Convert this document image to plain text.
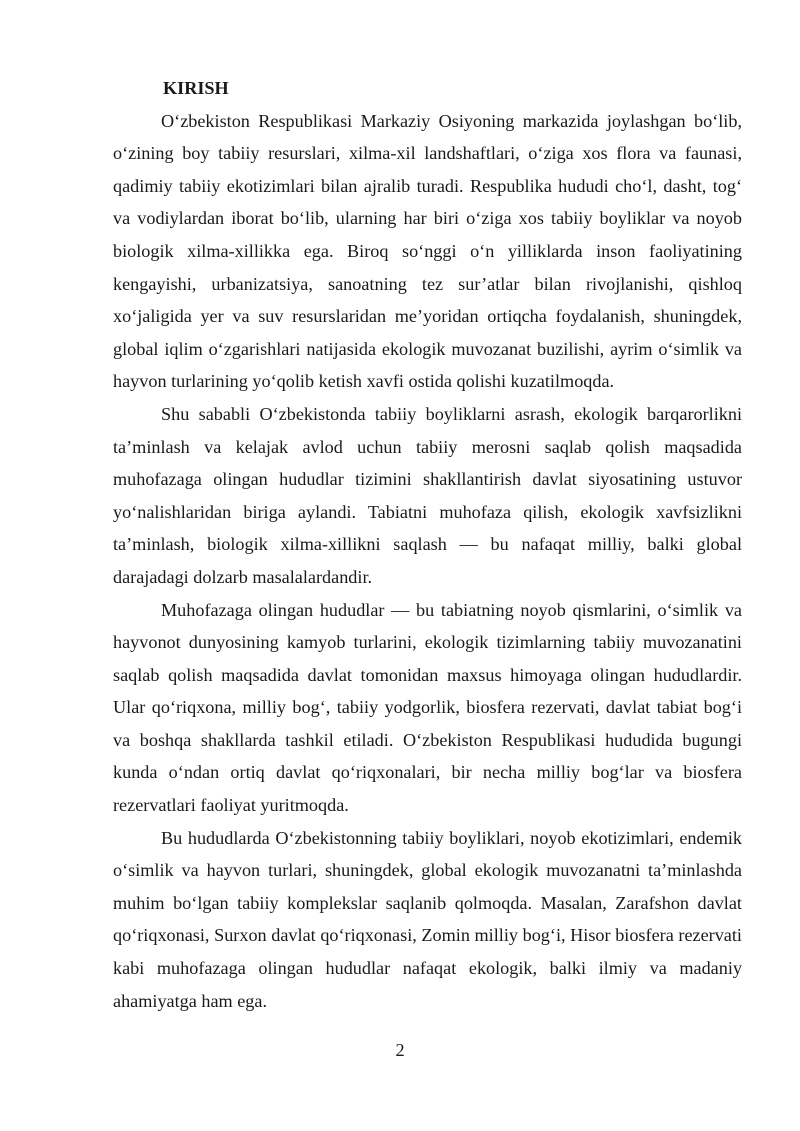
KIRISH

O‘zbekiston Respublikasi Markaziy Osiyoning markazida joylashgan bo‘lib, o‘zining boy tabiiy resurslari, xilma-xil landshaftlari, o‘ziga xos flora va faunasi, qadimiy tabiiy ekotizimlari bilan ajralib turadi. Respublika hududi cho‘l, dasht, tog‘ va vodiylardan iborat bo‘lib, ularning har biri o‘ziga xos tabiiy boyliklar va noyob biologik xilma-xillikka ega. Biroq so‘nggi o‘n yilliklarda inson faoliyatining kengayishi, urbanizatsiya, sanoatning tez sur’atlar bilan rivojlanishi, qishloq xo‘jaligida yer va suv resurslaridan me’yoridan ortiqcha foydalanish, shuningdek, global iqlim o‘zgarishlari natijasida ekologik muvozanat buzilishi, ayrim o‘simlik va hayvon turlarining yo‘qolib ketish xavfi ostida qolishi kuzatilmoqda.

Shu sababli O‘zbekistonda tabiiy boyliklarni asrash, ekologik barqarorlikni ta’minlash va kelajak avlod uchun tabiiy merosni saqlab qolish maqsadida muhofazaga olingan hududlar tizimini shakllantirish davlat siyosatining ustuvor yo‘nalishlaridan biriga aylandi. Tabiatni muhofaza qilish, ekologik xavfsizlikni ta’minlash, biologik xilma-xillikni saqlash — bu nafaqat milliy, balki global darajadagi dolzarb masalalardandir.

Muhofazaga olingan hududlar — bu tabiatning noyob qismlarini, o‘simlik va hayvonot dunyosining kamyob turlarini, ekologik tizimlarning tabiiy muvozanatini saqlab qolish maqsadida davlat tomonidan maxsus himoyaga olingan hududlardir. Ular qo‘riqxona, milliy bog‘, tabiiy yodgorlik, biosfera rezervati, davlat tabiat bog‘i va boshqa shakllarda tashkil etiladi. O‘zbekiston Respublikasi hududida bugungi kunda o‘ndan ortiq davlat qo‘riqxonalari, bir necha milliy bog‘lar va biosfera rezervatlari faoliyat yuritmoqda.

Bu hududlarda O‘zbekistonning tabiiy boyliklari, noyob ekotizimlari, endemik o‘simlik va hayvon turlari, shuningdek, global ekologik muvozanatni ta’minlashda muhim bo‘lgan tabiiy komplekslar saqlanib qolmoqda. Masalan, Zarafshon davlat qo‘riqxonasi, Surxon davlat qo‘riqxonasi, Zomin milliy bog‘i, Hisor biosfera rezervati kabi muhofazaga olingan hududlar nafaqat ekologik, balki ilmiy va madaniy ahamiyatga ham ega.

2
